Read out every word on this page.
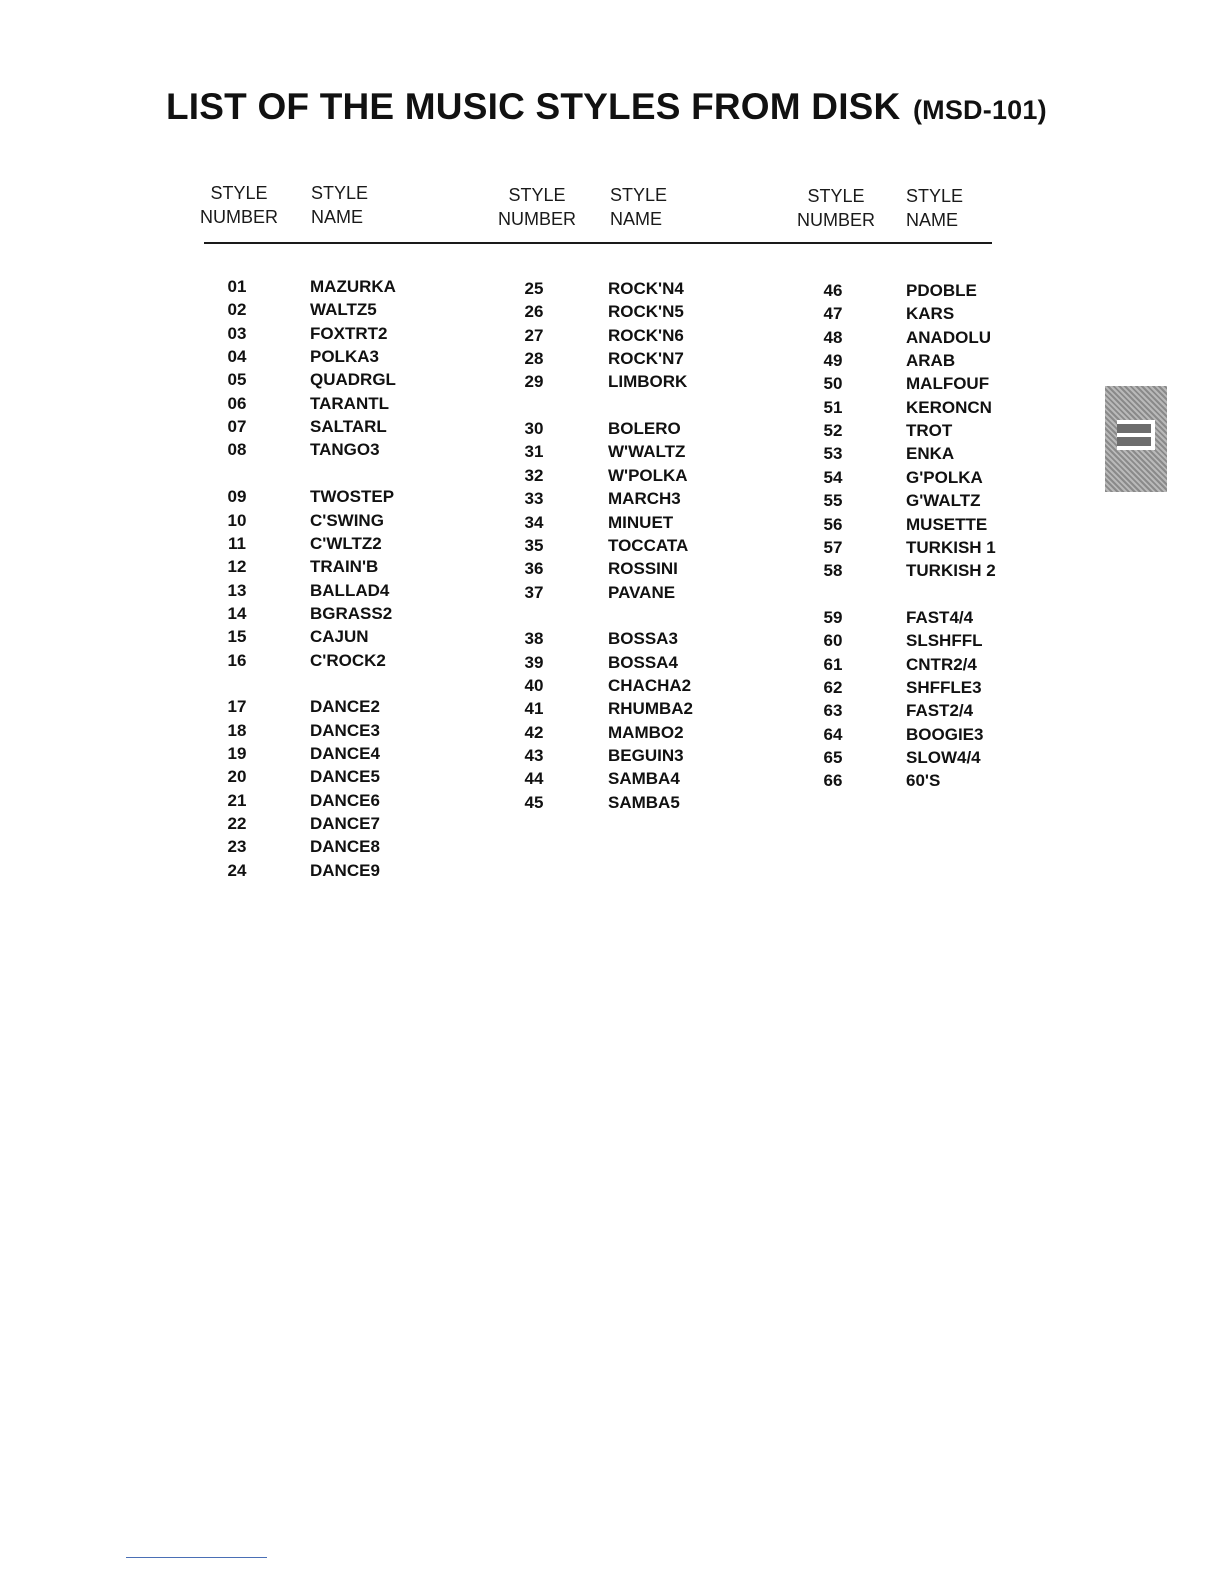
LIST OF THE MUSIC STYLES FROM DISK (MSD-101)
STYLE
NUMBER
STYLE
NAME
STYLE
NUMBER
STYLE
NAME
STYLE
NUMBER
STYLE
NAME
01	MAZURKA
02	WALTZ5
03	FOXTRT2
04	POLKA3
05	QUADRGL
06	TARANTL
07	SALTARL
08	TANGO3
09	TWOSTEP
10	C'SWING
11	C'WLTZ2
12	TRAIN'B
13	BALLAD4
14	BGRASS2
15	CAJUN
16	C'ROCK2
17	DANCE2
18	DANCE3
19	DANCE4
20	DANCE5
21	DANCE6
22	DANCE7
23	DANCE8
24	DANCE9
25	ROCK'N4
26	ROCK'N5
27	ROCK'N6
28	ROCK'N7
29	LIMBORK
30	BOLERO
31	W'WALTZ
32	W'POLKA
33	MARCH3
34	MINUET
35	TOCCATA
36	ROSSINI
37	PAVANE
38	BOSSA3
39	BOSSA4
40	CHACHA2
41	RHUMBA2
42	MAMBO2
43	BEGUIN3
44	SAMBA4
45	SAMBA5
46	PDOBLE
47	KARS
48	ANADOLU
49	ARAB
50	MALFOUF
51	KERONCN
52	TROT
53	ENKA
54	G'POLKA
55	G'WALTZ
56	MUSETTE
57	TURKISH 1
58	TURKISH 2
59	FAST4/4
60	SLSHFFL
61	CNTR2/4
62	SHFFLE3
63	FAST2/4
64	BOOGIE3
65	SLOW4/4
66	60'S
